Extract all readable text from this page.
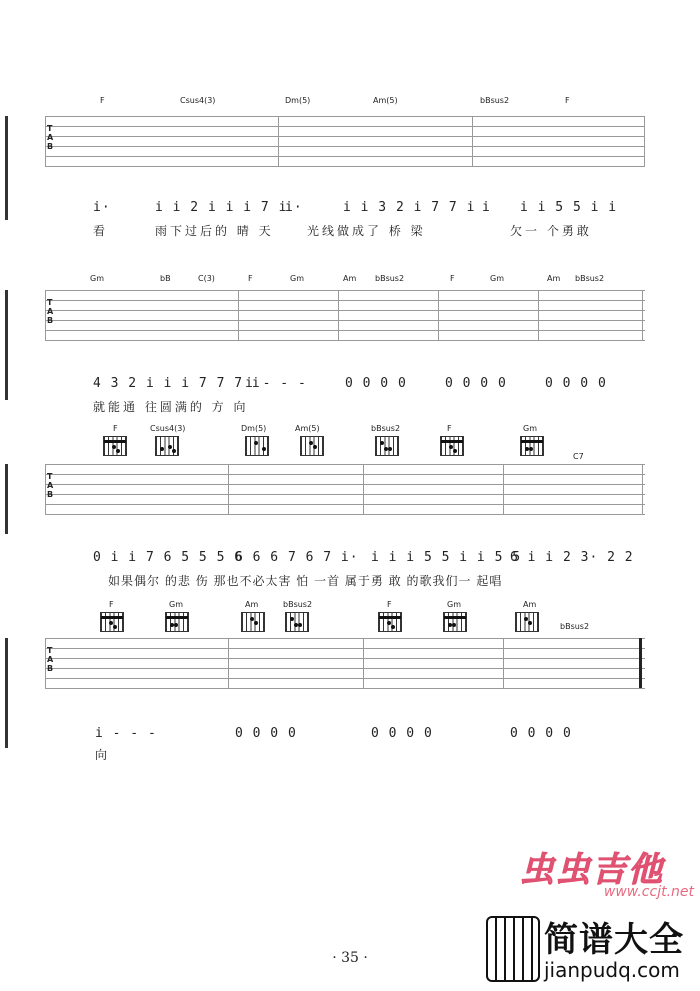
F	Csus4(3)	Dm(5)	Am(5)	bBsus2	F
T
A
B
i·	i i 2 i i i 7 i
i·	i i 3 2 i 7 7 i i i i 5 5 i i
看	雨下过后的 晴 天	光线做成了 桥 梁	欠一 个勇敢
Gm	bB	C(3)	F	Gm	Am bBsus2	F	Gm	Am bBsus2
T
A
B
4 3 2 i i i 7 7 7 i
i - - -	0 0 0 0	0 0 0 0	0 0 0 0
就能通 往圆满的 方 向
F	Csus4(3)	Dm(5)	Am(5)	bBsus2	F	Gm
C7
T
A
B
0 i i 7 6 5 5 5 6
6 6 6 7 6 7 i· i i i 5 5 i i 5 5
6 i i 2 3· 2 2
如果偶尔 的悲 伤 那也不必太害 怕 一首 属于勇 敢 的歌我们一 起唱
F	Gm	Am	bBsus2	F	Gm	Am
bBsus2
T
A
B
i - - -	0 0 0 0	0 0 0 0	0 0 0 0
向
· 35 ·
虫虫吉他
www.ccjt.net
简谱大全
jianpudq.com
